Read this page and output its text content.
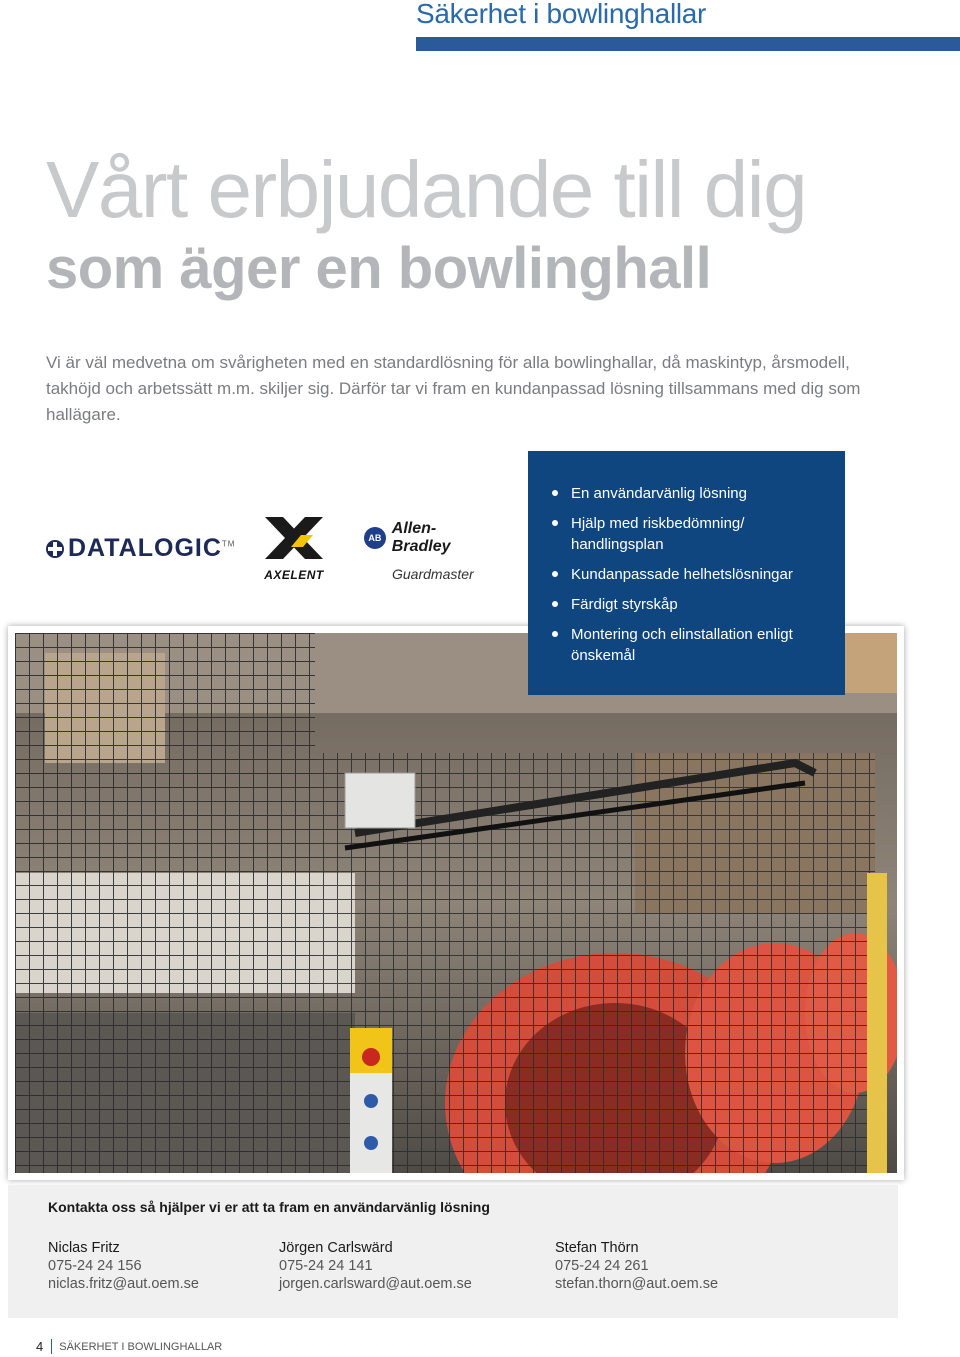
Säkerhet i bowlinghallar
Vårt erbjudande till dig
som äger en bowlinghall

Vi är väl medvetna om svårigheten med en standardlösning för alla bowlinghallar, då maskintyp, årsmodell, takhöjd och arbetssätt m.m. skiljer sig. Därför tar vi fram en kundanpassad lösning tillsammans med dig som hallägare.

DATALOGIC™
AXELENT
AB
Allen-Bradley
Guardmaster
En användarvänlig lösning
Hjälp med riskbedömning/ handlingsplan
Kundanpassade helhetslösningar
Färdigt styrskåp
Montering och elinstallation enligt önskemål
Kontakta oss så hjälper vi er att ta fram en användarvänlig lösning
Niclas Fritz
075-24 24 156
niclas.fritz@aut.oem.se
Jörgen Carlswärd
075-24 24 141
jorgen.carlsward@aut.oem.se
Stefan Thörn
075-24 24 261
stefan.thorn@aut.oem.se
4 SÄKERHET I BOWLINGHALLAR
